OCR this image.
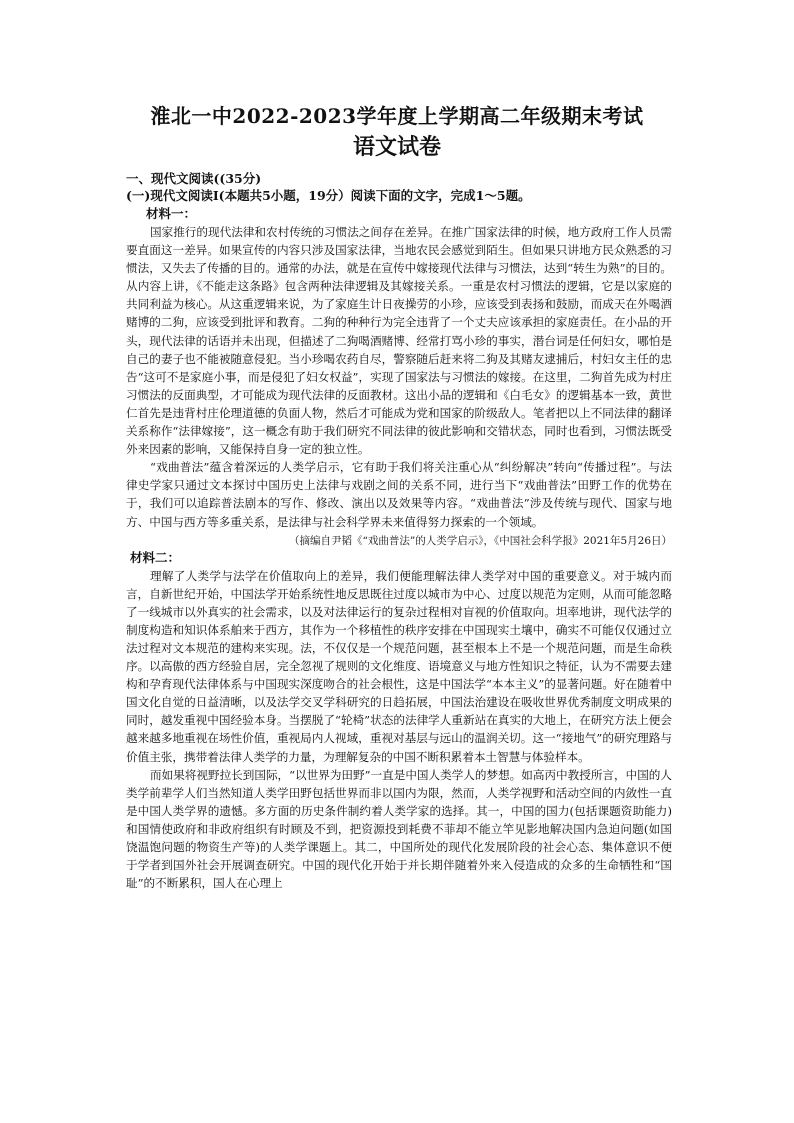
淮北一中2022-2023学年度上学期高二年级期末考试
语文试卷
一、现代文阅读((35分)
(一)现代文阅读I(本题共5小题，19分）阅读下面的文字，完成1～5题。
材料一：

国家推行的现代法律和农村传统的习惯法之间存在差异。在推广国家法律的时候，地方政府工作人员需要直面这一差异。如果宣传的内容只涉及国家法律，当地农民会感觉到陌生。但如果只讲地方民众熟悉的习惯法，又失去了传播的目的。通常的办法，就是在宣传中嫁接现代法律与习惯法，达到“转生为熟”的目的。从内容上讲，《不能走这条路》包含两种法律逻辑及其嫁接关系。一重是农村习惯法的逻辑，它是以家庭的共同利益为核心。从这重逻辑来说，为了家庭生计日夜操劳的小珍，应该受到表扬和鼓励，而成天在外喝酒赌博的二狗，应该受到批评和教育。二狗的种种行为完全违背了一个丈夫应该承担的家庭责任。在小品的开头，现代法律的话语并未出现，但描述了二狗喝酒赌博、经常打骂小珍的事实，潜台词是任何妇女，哪怕是自己的妻子也不能被随意侵犯。当小珍喝农药自尽，警察随后赶来将二狗及其赌友逮捕后，村妇女主任的忠告“这可不是家庭小事，而是侵犯了妇女权益”，实现了国家法与习惯法的嫁接。在这里，二狗首先成为村庄习惯法的反面典型，才可能成为现代法律的反面教材。这出小品的逻辑和《白毛女》的逻辑基本一致，黄世仁首先是违背村庄伦理道德的负面人物，然后才可能成为党和国家的阶级敌人。笔者把以上不同法律的翻译关系称作“法律嫁接”，这一概念有助于我们研究不同法律的彼此影响和交错状态，同时也看到，习惯法既受外来因素的影响，又能保持自身一定的独立性。

“戏曲普法”蕴含着深远的人类学启示，它有助于我们将关注重心从“纠纷解决”转向“传播过程”。与法律史学家只通过文本探讨中国历史上法律与戏剧之间的关系不同，进行当下“戏曲普法”田野工作的优势在于，我们可以追踪普法剧本的写作、修改、演出以及效果等内容。“戏曲普法”涉及传统与现代、国家与地方、中国与西方等多重关系，是法律与社会科学界未来值得努力探索的一个领域。

（摘编自尹韬《“戏曲普法”的人类学启示》，《中国社会科学报》2021年5月26日）

材料二：

理解了人类学与法学在价值取向上的差异，我们便能理解法律人类学对中国的重要意义。对于城内而言，自新世纪开始，中国法学开始系统性地反思既往过度以城市为中心、过度以规范为定则，从而可能忽略了一线城市以外真实的社会需求，以及对法律运行的复杂过程相对盲视的价值取向。坦率地讲，现代法学的制度构造和知识体系舶来于西方，其作为一个移植性的秩序安排在中国现实土壤中，确实不可能仅仅通过立法过程对文本规范的建构来实现。法，不仅仅是一个规范问题，甚至根本上不是一个规范问题，而是生命秩序。以高傲的西方经验自居，完全忽视了规则的文化维度、语境意义与地方性知识之特征，认为不需要去建构和孕育现代法律体系与中国现实深度吻合的社会根性，这是中国法学“本本主义”的显著问题。好在随着中国文化自觉的日益清晰，以及法学交叉学科研究的日趋拓展，中国法治建设在吸收世界优秀制度文明成果的同时，越发重视中国经验本身。当摆脱了“轮椅”状态的法律学人重新站在真实的大地上，在研究方法上便会越来越多地重视在场性价值，重视局内人视域，重视对基层与远山的温润关切。这一“接地气”的研究理路与价值主张，携带着法律人类学的力量，为理解复杂的中国不断积累着本土智慧与体验样本。

而如果将视野拉长到国际，“以世界为田野”一直是中国人类学人的梦想。如高丙中教授所言，中国的人类学前辈学人们当然知道人类学田野包括世界而非以国内为限，然而，人类学视野和活动空间的内敛性一直是中国人类学界的遗憾。多方面的历史条件制约着人类学家的选择。其一，中国的国力(包括课题资助能力)和国情使政府和非政府组织有时顾及不到，把资源投到耗费不菲却不能立竿见影地解决国内急迫问题(如国饶温饱问题的物资生产等)的人类学课题上。其二，中国所处的现代化发展阶段的社会心态、集体意识不便于学者到国外社会开展调查研究。中国的现代化开始于并长期伴随着外来入侵造成的众多的生命牺牲和“国耻”的不断累积，国人在心理上
